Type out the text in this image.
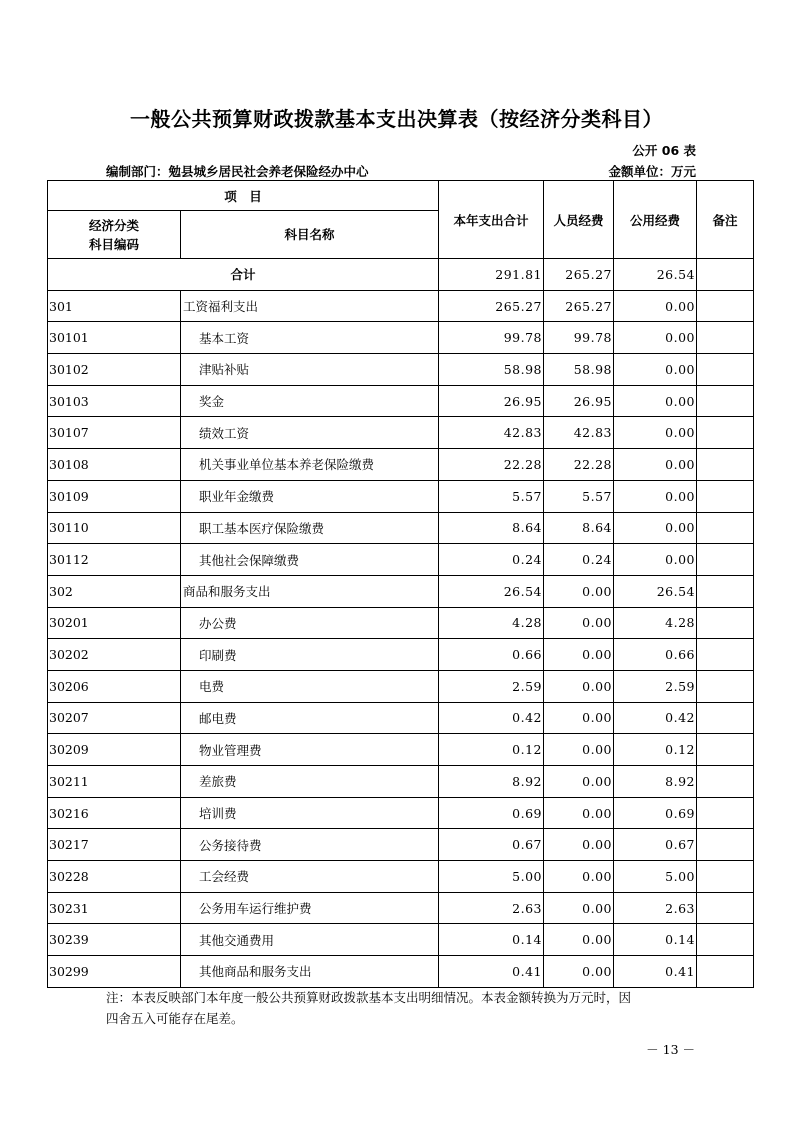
一般公共预算财政拨款基本支出决算表（按经济分类科目）
公开 06 表
编制部门：勉县城乡居民社会养老保险经办中心	金额单位：万元
项　目		本年支出合计	人员经费	公用经费	备注

经济分类
科目编码	科目名称				
合计		291.81	265.27	26.54	
301	工资福利支出	265.27	265.27	0.00	
30101	基本工资	99.78	99.78	0.00	
30102	津贴补贴	58.98	58.98	0.00	
30103	奖金	26.95	26.95	0.00	
30107	绩效工资	42.83	42.83	0.00	
30108	机关事业单位基本养老保险缴费	22.28	22.28	0.00	
30109	职业年金缴费	5.57	5.57	0.00	
30110	职工基本医疗保险缴费	8.64	8.64	0.00	
30112	其他社会保障缴费	0.24	0.24	0.00	
302	商品和服务支出	26.54	0.00	26.54	
30201	办公费	4.28	0.00	4.28	
30202	印刷费	0.66	0.00	0.66	
30206	电费	2.59	0.00	2.59	
30207	邮电费	0.42	0.00	0.42	
30209	物业管理费	0.12	0.00	0.12	
30211	差旅费	8.92	0.00	8.92	
30216	培训费	0.69	0.00	0.69	
30217	公务接待费	0.67	0.00	0.67	
30228	工会经费	5.00	0.00	5.00	
30231	公务用车运行维护费	2.63	0.00	2.63	
30239	其他交通费用	0.14	0.00	0.14	
30299	其他商品和服务支出	0.41	0.00	0.41	
注：本表反映部门本年度一般公共预算财政拨款基本支出明细情况。本表金额转换为万元时，因
四舍五入可能存在尾差。
－ 13 －
